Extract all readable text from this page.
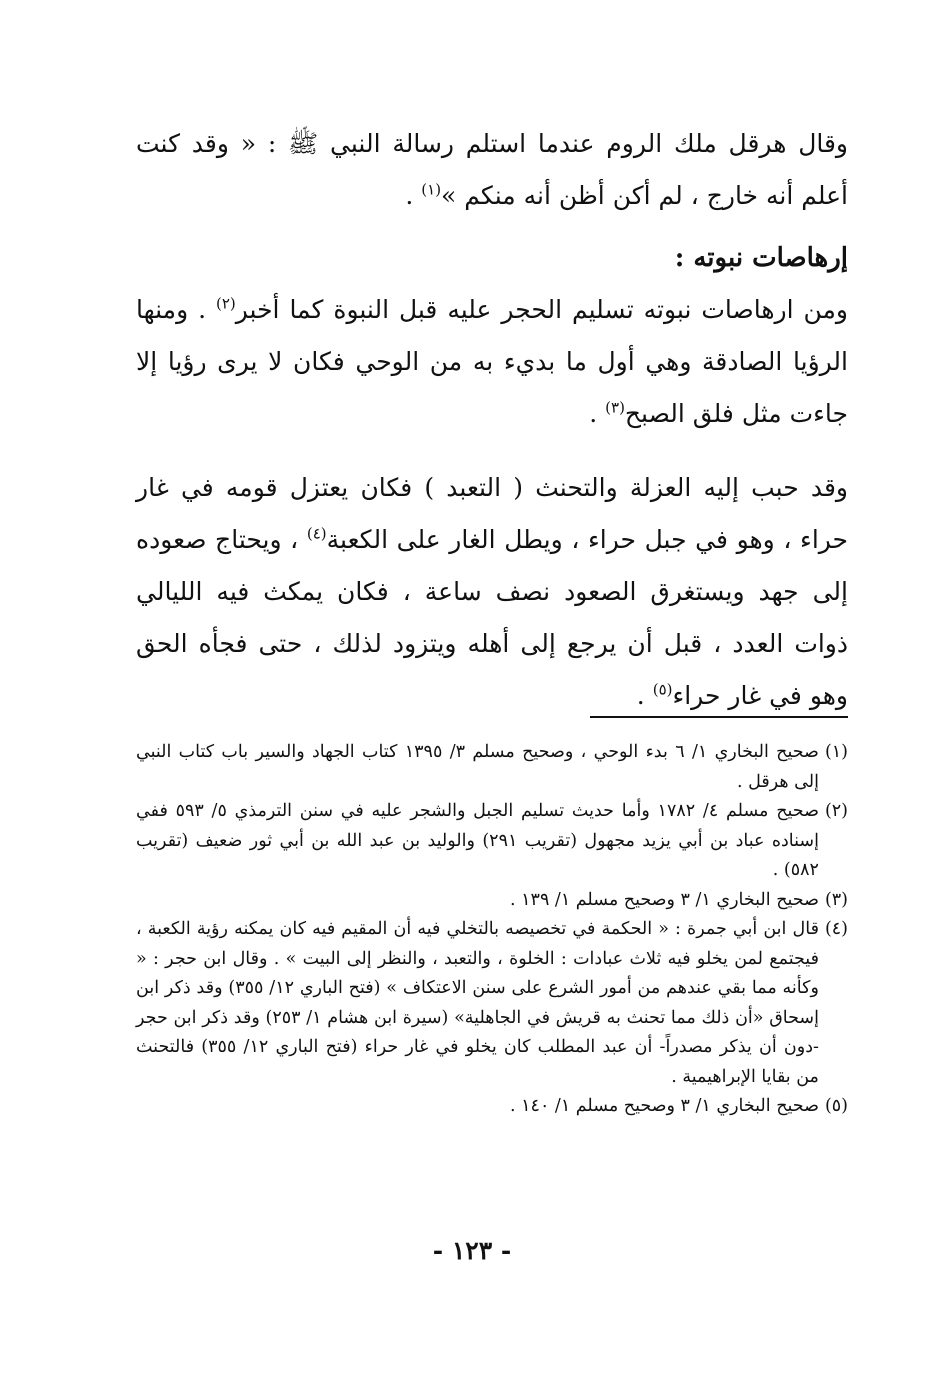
وقال هرقل ملك الروم عندما استلم رسالة النبي ﷺ : « وقد كنت أعلم أنه خارج ، لم أكن أظن أنه منكم »$^{(١)}$ .

إرهاصات نبوته :

ومن ارهاصات نبوته تسليم الحجر عليه قبل النبوة كما أخبر$^{(٢)}$ . ومنها الرؤيا الصادقة وهي أول ما بديء به من الوحي فكان لا يرى رؤيا إلا جاءت مثل فلق الصبح$^{(٣)}$ .

وقد حبب إليه العزلة والتحنث ( التعبد ) فكان يعتزل قومه في غار حراء ، وهو في جبل حراء ، ويطل الغار على الكعبة$^{(٤)}$ ، ويحتاج صعوده إلى جهد ويستغرق الصعود نصف ساعة ، فكان يمكث فيه الليالي ذوات العدد ، قبل أن يرجع إلى أهله ويتزود لذلك ، حتى فجأه الحق وهو في غار حراء$^{(٥)}$ .

(١)
صحيح البخاري ١/ ٦ بدء الوحي ، وصحيح مسلم ٣/ ١٣٩٥ كتاب الجهاد والسير باب كتاب النبي إلى هرقل .
(٢)
صحيح مسلم ٤/ ١٧٨٢ وأما حديث تسليم الجبل والشجر عليه في سنن الترمذي ٥/ ٥٩٣ ففي إسناده عباد بن أبي يزيد مجهول (تقريب ٢٩١) والوليد بن عبد الله بن أبي ثور ضعيف (تقريب ٥٨٢) .
(٣)
صحيح البخاري ١/ ٣ وصحيح مسلم ١/ ١٣٩ .
(٤)
قال ابن أبي جمرة : « الحكمة في تخصيصه بالتخلي فيه أن المقيم فيه كان يمكنه رؤية الكعبة ، فيجتمع لمن يخلو فيه ثلاث عبادات : الخلوة ، والتعبد ، والنظر إلى البيت » . وقال ابن حجر : « وكأنه مما بقي عندهم من أمور الشرع على سنن الاعتكاف » (فتح الباري ١٢/ ٣٥٥) وقد ذكر ابن إسحاق «أن ذلك مما تحنث به قريش في الجاهلية» (سيرة ابن هشام ١/ ٢٥٣) وقد ذكر ابن حجر -دون أن يذكر مصدراً- أن عبد المطلب كان يخلو في غار حراء (فتح الباري ١٢/ ٣٥٥) فالتحنث من بقايا الإبراهيمية .
(٥)
صحيح البخاري ١/ ٣ وصحيح مسلم ١/ ١٤٠ .
- ١٢٣ -
